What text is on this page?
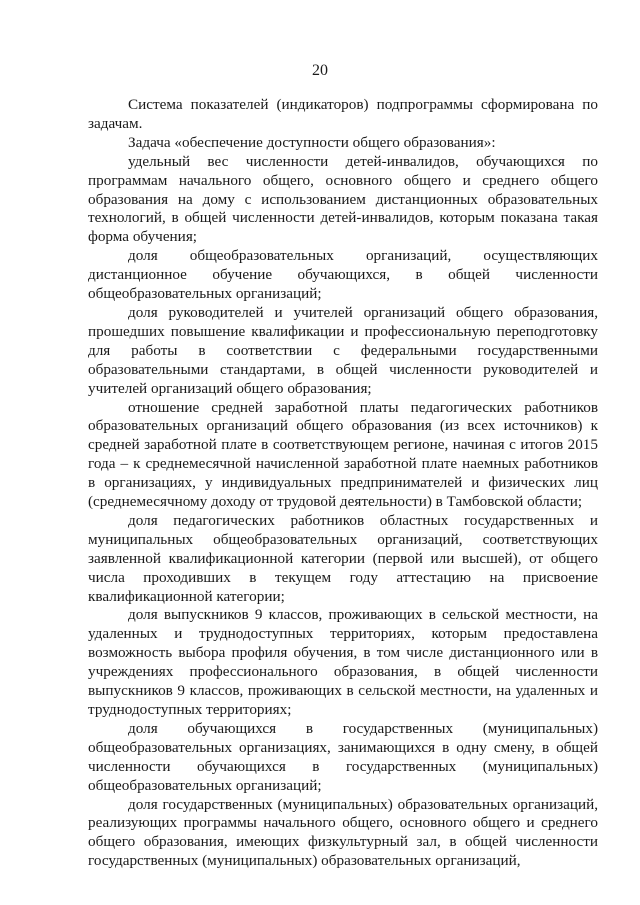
20

Система показателей (индикаторов) подпрограммы сформирована по задачам.

Задача «обеспечение доступности общего образования»:

удельный вес численности детей-инвалидов, обучающихся по программам начального общего, основного общего и среднего общего образования на дому с использованием дистанционных образовательных технологий, в общей численности детей-инвалидов, которым показана такая форма обучения;

доля общеобразовательных организаций, осуществляющих дистанционное обучение обучающихся, в общей численности общеобразовательных организаций;

доля руководителей и учителей организаций общего образования, прошедших повышение квалификации и профессиональную переподготовку для работы в соответствии с федеральными государственными образовательными стандартами, в общей численности руководителей и учителей организаций общего образования;

отношение средней заработной платы педагогических работников образовательных организаций общего образования (из всех источников) к средней заработной плате в соответствующем регионе, начиная с итогов 2015 года – к среднемесячной начисленной заработной плате наемных работников в организациях, у индивидуальных предпринимателей и физических лиц (среднемесячному доходу от трудовой деятельности) в Тамбовской области;

доля педагогических работников областных государственных и муниципальных общеобразовательных организаций, соответствующих заявленной квалификационной категории (первой или высшей), от общего числа проходивших в текущем году аттестацию на присвоение квалификационной категории;

доля выпускников 9 классов, проживающих в сельской местности, на удаленных и труднодоступных территориях, которым предоставлена возможность выбора профиля обучения, в том числе дистанционного или в учреждениях профессионального образования, в общей численности выпускников 9 классов, проживающих в сельской местности, на удаленных и труднодоступных территориях;

доля обучающихся в государственных (муниципальных) общеобразовательных организациях, занимающихся в одну смену, в общей численности обучающихся в государственных (муниципальных) общеобразовательных организаций;

доля государственных (муниципальных) образовательных организаций, реализующих программы начального общего, основного общего и среднего общего образования, имеющих физкультурный зал, в общей численности государственных (муниципальных) образовательных организаций,
